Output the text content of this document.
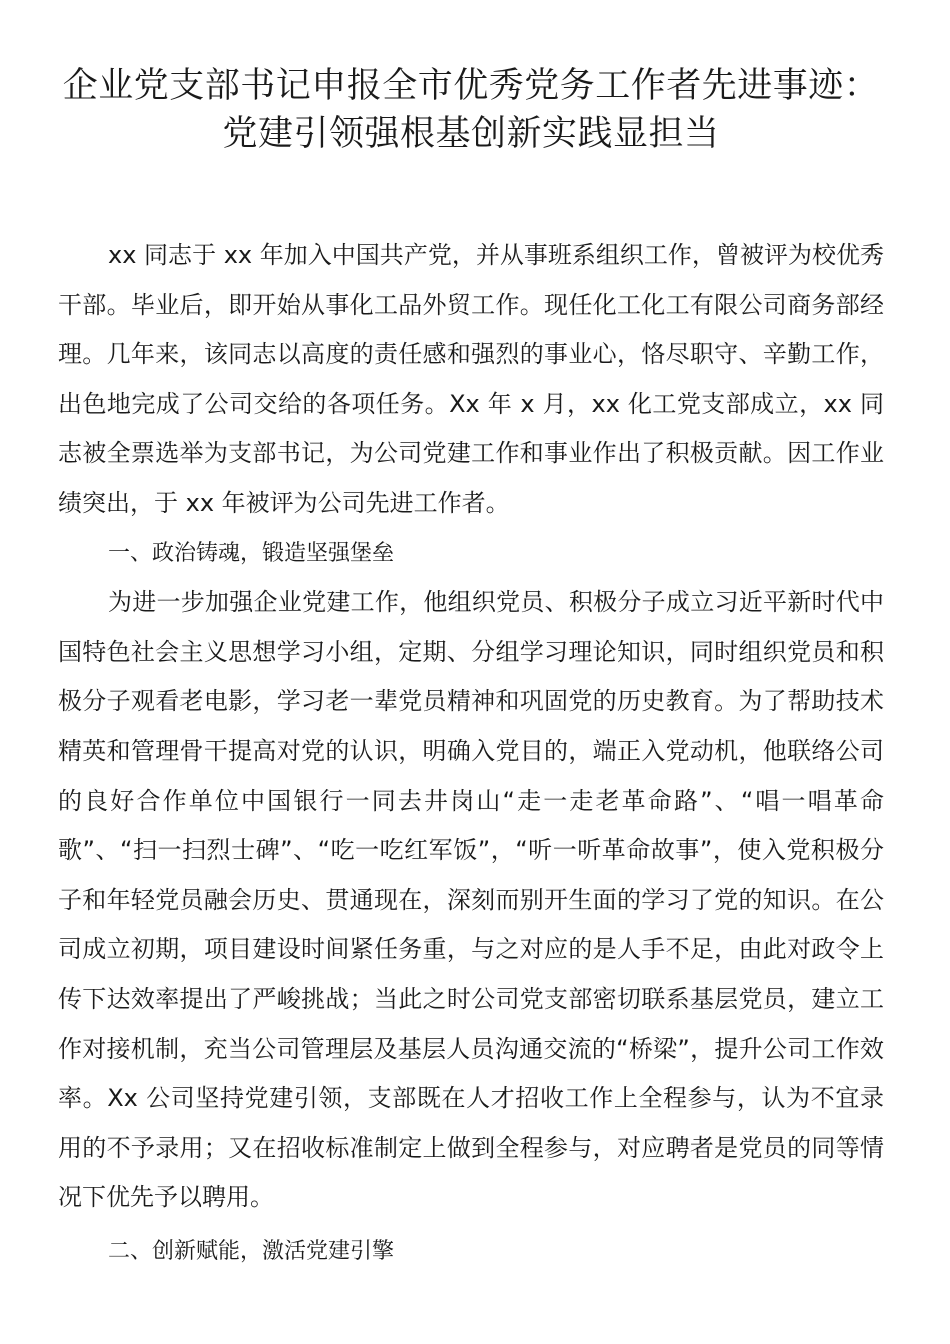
企业党支部书记申报全市优秀党务工作者先进事迹：
党建引领强根基创新实践显担当

xx 同志于 xx 年加入中国共产党，并从事班系组织工作，曾被评为校优秀干部。毕业后，即开始从事化工品外贸工作。现任化工化工有限公司商务部经理。几年来，该同志以高度的责任感和强烈的事业心，恪尽职守、辛勤工作，出色地完成了公司交给的各项任务。Xx 年 x 月，xx 化工党支部成立，xx 同志被全票选举为支部书记，为公司党建工作和事业作出了积极贡献。因工作业绩突出，于 xx 年被评为公司先进工作者。

一、政治铸魂，锻造坚强堡垒

为进一步加强企业党建工作，他组织党员、积极分子成立习近平新时代中国特色社会主义思想学习小组，定期、分组学习理论知识，同时组织党员和积极分子观看老电影，学习老一辈党员精神和巩固党的历史教育。为了帮助技术精英和管理骨干提高对党的认识，明确入党目的，端正入党动机，他联络公司的良好合作单位中国银行一同去井岗山“走一走老革命路”、“唱一唱革命歌”、“扫一扫烈士碑”、“吃一吃红军饭”，“听一听革命故事”，使入党积极分子和年轻党员融会历史、贯通现在，深刻而别开生面的学习了党的知识。在公司成立初期，项目建设时间紧任务重，与之对应的是人手不足，由此对政令上传下达效率提出了严峻挑战；当此之时公司党支部密切联系基层党员，建立工作对接机制，充当公司管理层及基层人员沟通交流的“桥梁”，提升公司工作效率。Xx 公司坚持党建引领，支部既在人才招收工作上全程参与，认为不宜录用的不予录用；又在招收标准制定上做到全程参与，对应聘者是党员的同等情况下优先予以聘用。

二、创新赋能，激活党建引擎
